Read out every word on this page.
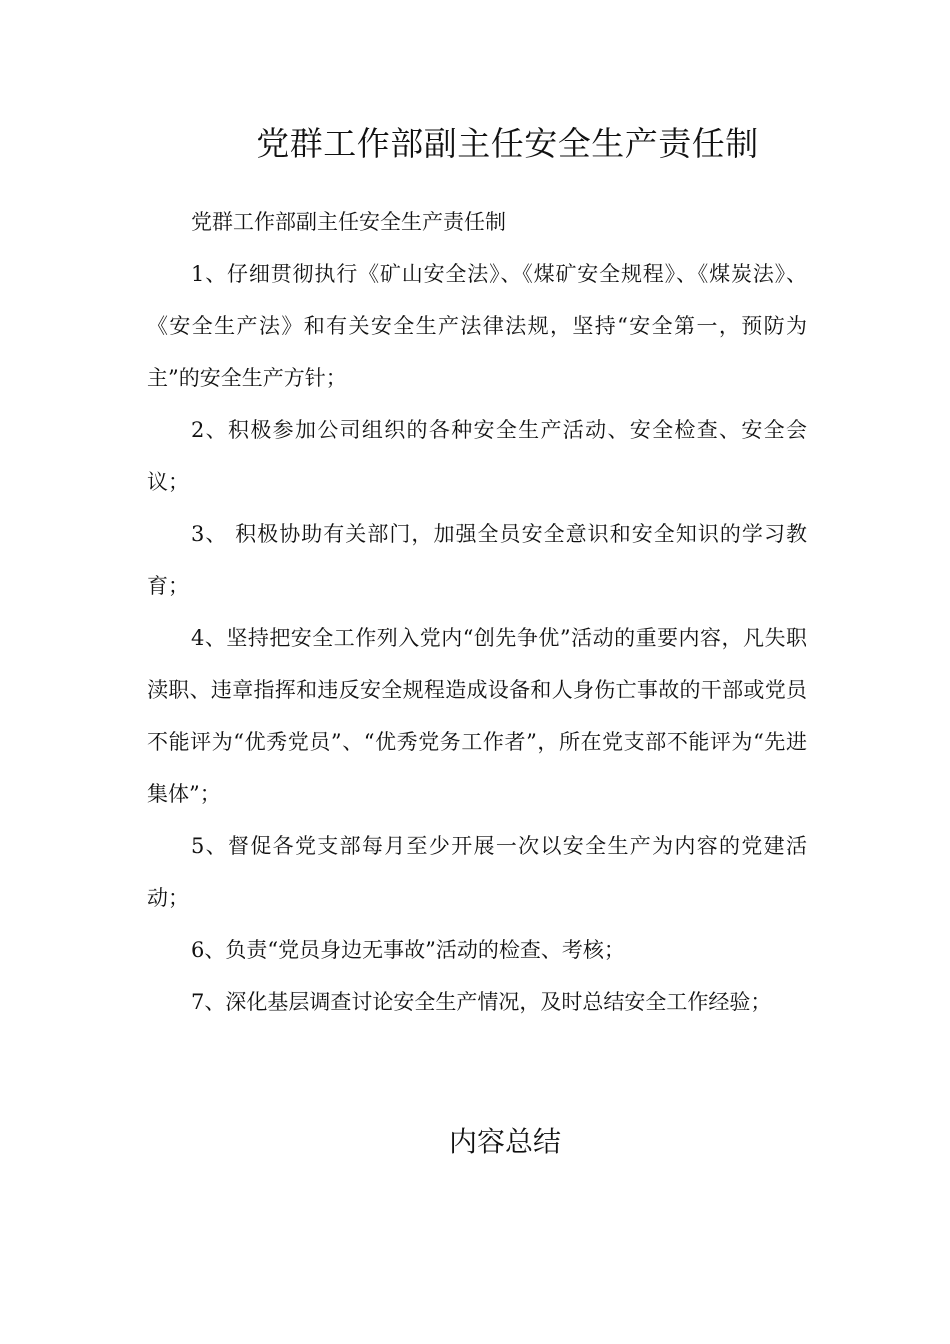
党群工作部副主任安全生产责任制

党群工作部副主任安全生产责任制

1、仔细贯彻执行《矿山安全法》、《煤矿安全规程》、《煤炭法》、《安全生产法》和有关安全生产法律法规，坚持“安全第一，预防为主”的安全生产方针；

2、积极参加公司组织的各种安全生产活动、安全检查、安全会议；

3、 积极协助有关部门，加强全员安全意识和安全知识的学习教育；

4、坚持把安全工作列入党内“创先争优”活动的重要内容，凡失职渎职、违章指挥和违反安全规程造成设备和人身伤亡事故的干部或党员不能评为“优秀党员”、“优秀党务工作者”，所在党支部不能评为“先进集体”；

5、督促各党支部每月至少开展一次以安全生产为内容的党建活动；

6、负责“党员身边无事故”活动的检查、考核；

7、深化基层调查讨论安全生产情况，及时总结安全工作经验；

内容总结
